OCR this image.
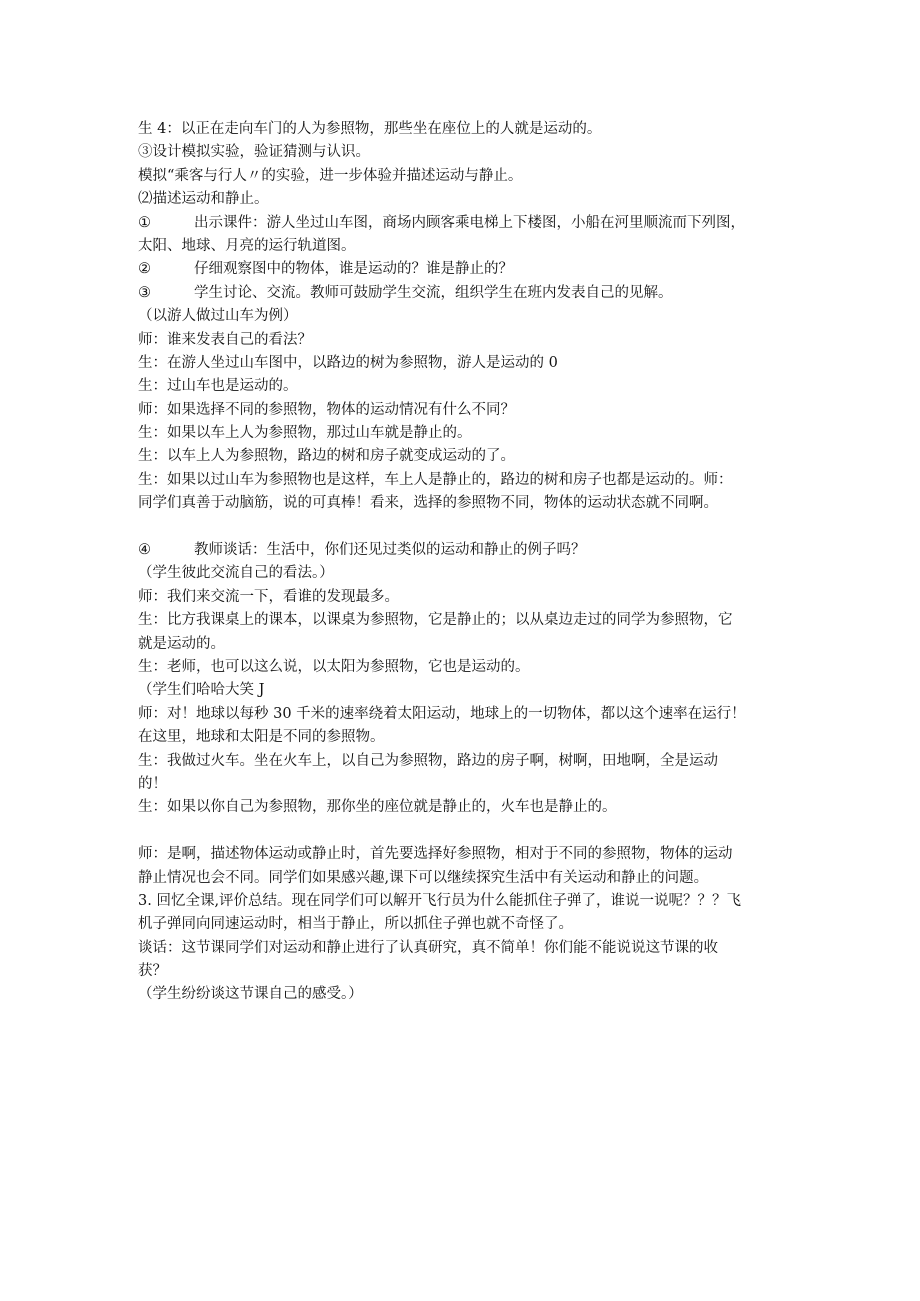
生 4：以正在走向车门的人为参照物，那些坐在座位上的人就是运动的。
③设计模拟实验，验证猜测与认识。
模拟“乘客与行人〃的实验，进一步体验并描述运动与静止。
⑵描述运动和静止。
①	出示课件：游人坐过山车图，商场内顾客乘电梯上下楼图，小船在河里顺流而下列图，
太阳、地球、月亮的运行轨道图。
②	仔细观察图中的物体，谁是运动的？谁是静止的？
③	学生讨论、交流。教师可鼓励学生交流，组织学生在班内发表自己的见解。
（以游人做过山车为例）
师：谁来发表自己的看法？
生：在游人坐过山车图中，以路边的树为参照物，游人是运动的 0
生：过山车也是运动的。
师：如果选择不同的参照物，物体的运动情况有什么不同？
生：如果以车上人为参照物，那过山车就是静止的。
生：以车上人为参照物，路边的树和房子就变成运动的了。
生：如果以过山车为参照物也是这样，车上人是静止的，路边的树和房子也都是运动的。师：
同学们真善于动脑筋，说的可真棒！看来，选择的参照物不同，物体的运动状态就不同啊。
④	教师谈话：生活中，你们还见过类似的运动和静止的例子吗？
（学生彼此交流自己的看法。）
师：我们来交流一下，看谁的发现最多。
生：比方我课桌上的课本，以课桌为参照物，它是静止的；以从桌边走过的同学为参照物，它
就是运动的。
生：老师，也可以这么说，以太阳为参照物，它也是运动的。
（学生们哈哈大笑 J
师：对！地球以每秒 30 千米的速率绕着太阳运动，地球上的一切物体，都以这个速率在运行！
在这里，地球和太阳是不同的参照物。
生：我做过火车。坐在火车上，以自己为参照物，路边的房子啊，树啊，田地啊，全是运动
的！
生：如果以你自己为参照物，那你坐的座位就是静止的，火车也是静止的。
师：是啊，描述物体运动或静止时，首先要选择好参照物，相对于不同的参照物，物体的运动
静止情况也会不同。同学们如果感兴趣,课下可以继续探究生活中有关运动和静止的问题。
3. 回忆全课,评价总结。现在同学们可以解开飞行员为什么能抓住子弹了，谁说一说呢？？？飞
机子弹同向同速运动时，相当于静止，所以抓住子弹也就不奇怪了。
谈话：这节课同学们对运动和静止进行了认真研究，真不简单！你们能不能说说这节课的收
获？
（学生纷纷谈这节课自己的感受。）
